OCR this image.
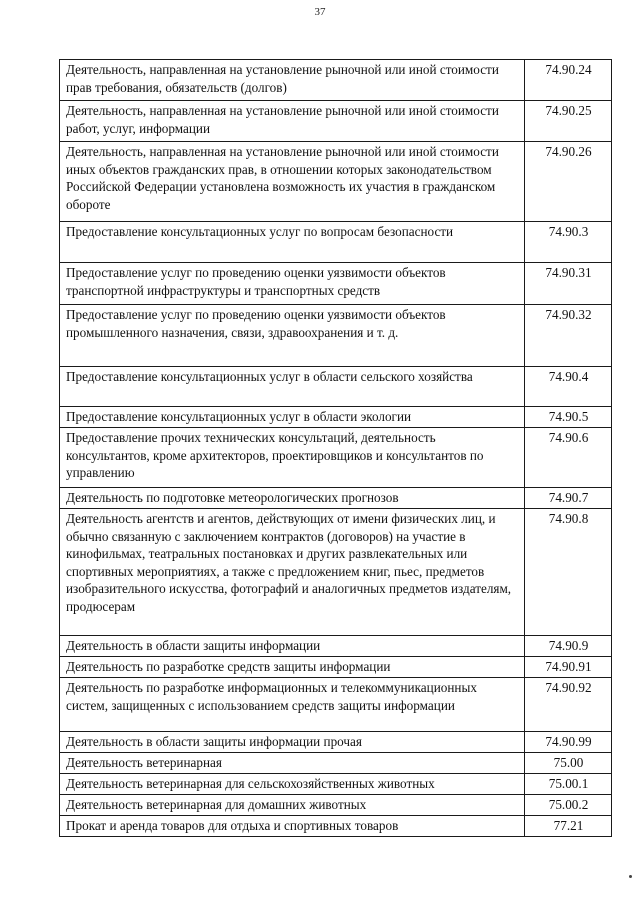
37
Деятельность, направленная на установление рыночной или иной стоимости прав требования, обязательств (долгов)	74.90.24
Деятельность, направленная на установление рыночной или иной стоимости работ, услуг, информации	74.90.25
Деятельность, направленная на установление рыночной или иной стоимости иных объектов гражданских прав, в отношении которых законодательством Российской Федерации установлена возможность их участия в гражданском обороте	74.90.26
Предоставление консультационных услуг по вопросам безопасности	74.90.3
Предоставление услуг по проведению оценки уязвимости объектов транспортной инфраструктуры и транспортных средств	74.90.31
Предоставление услуг по проведению оценки уязвимости объектов промышленного назначения, связи, здравоохранения и т. д.	74.90.32
Предоставление консультационных услуг в области сельского хозяйства	74.90.4
Предоставление консультационных услуг в области экологии	74.90.5
Предоставление прочих технических консультаций, деятельность консультантов, кроме архитекторов, проектировщиков и консультантов по управлению	74.90.6
Деятельность по подготовке метеорологических прогнозов	74.90.7
Деятельность агентств и агентов, действующих от имени физических лиц, и обычно связанную с заключением контрактов (договоров) на участие в кинофильмах, театральных постановках и других развлекательных или спортивных мероприятиях, а также с предложением книг, пьес, предметов изобразительного искусства, фотографий и аналогичных предметов издателям, продюсерам	74.90.8
Деятельность в области защиты информации	74.90.9
Деятельность по разработке средств защиты информации	74.90.91
Деятельность по разработке информационных и телекоммуникационных систем, защищенных с использованием средств защиты информации	74.90.92
Деятельность в области защиты информации прочая	74.90.99
Деятельность ветеринарная	75.00
Деятельность ветеринарная для сельскохозяйственных животных	75.00.1
Деятельность ветеринарная для домашних животных	75.00.2
Прокат и аренда товаров для отдыха и спортивных товаров	77.21
